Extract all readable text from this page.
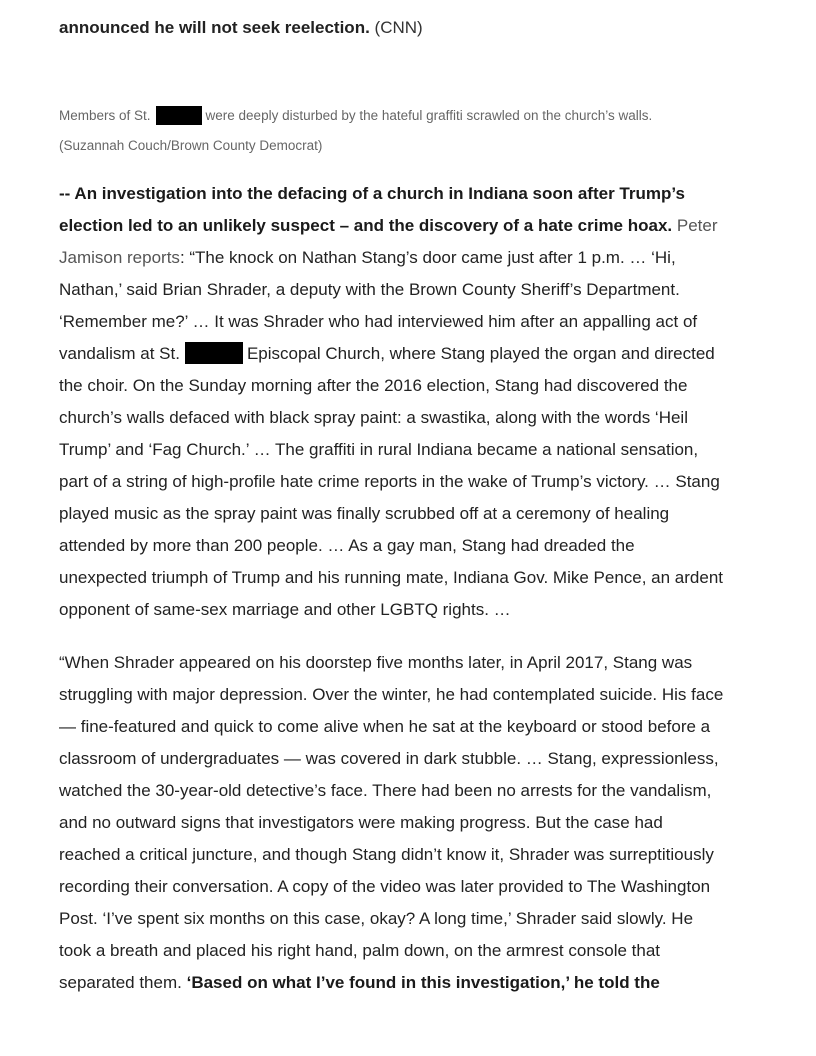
announced he will not seek reelection. (CNN)
Members of St.	were deeply disturbed by the hateful graffiti scrawled on the church’s walls.
(Suzannah Couch/Brown County Democrat)
-- An investigation into the defacing of a church in Indiana soon after Trump’s
election led to an unlikely suspect – and the discovery of a hate crime hoax. Peter
Jamison reports: “The knock on Nathan Stang’s door came just after 1 p.m. … ‘Hi,
Nathan,’ said Brian Shrader, a deputy with the Brown County Sheriff’s Department.
‘Remember me?’ … It was Shrader who had interviewed him after an appalling act of
vandalism at St.	Episcopal Church, where Stang played the organ and directed
the choir. On the Sunday morning after the 2016 election, Stang had discovered the
church’s walls defaced with black spray paint: a swastika, along with the words ‘Heil
Trump’ and ‘Fag Church.’ … The graffiti in rural Indiana became a national sensation,
part of a string of high-profile hate crime reports in the wake of Trump’s victory. … Stang
played music as the spray paint was finally scrubbed off at a ceremony of healing
attended by more than 200 people. … As a gay man, Stang had dreaded the
unexpected triumph of Trump and his running mate, Indiana Gov. Mike Pence, an ardent
opponent of same-sex marriage and other LGBTQ rights. …
“When Shrader appeared on his doorstep five months later, in April 2017, Stang was
struggling with major depression. Over the winter, he had contemplated suicide. His face
— fine-featured and quick to come alive when he sat at the keyboard or stood before a
classroom of undergraduates — was covered in dark stubble. … Stang, expressionless,
watched the 30-year-old detective’s face. There had been no arrests for the vandalism,
and no outward signs that investigators were making progress. But the case had
reached a critical juncture, and though Stang didn’t know it, Shrader was surreptitiously
recording their conversation. A copy of the video was later provided to The Washington
Post. ‘I’ve spent six months on this case, okay? A long time,’ Shrader said slowly. He
took a breath and placed his right hand, palm down, on the armrest console that
separated them. ‘Based on what I’ve found in this investigation,’ he told the
